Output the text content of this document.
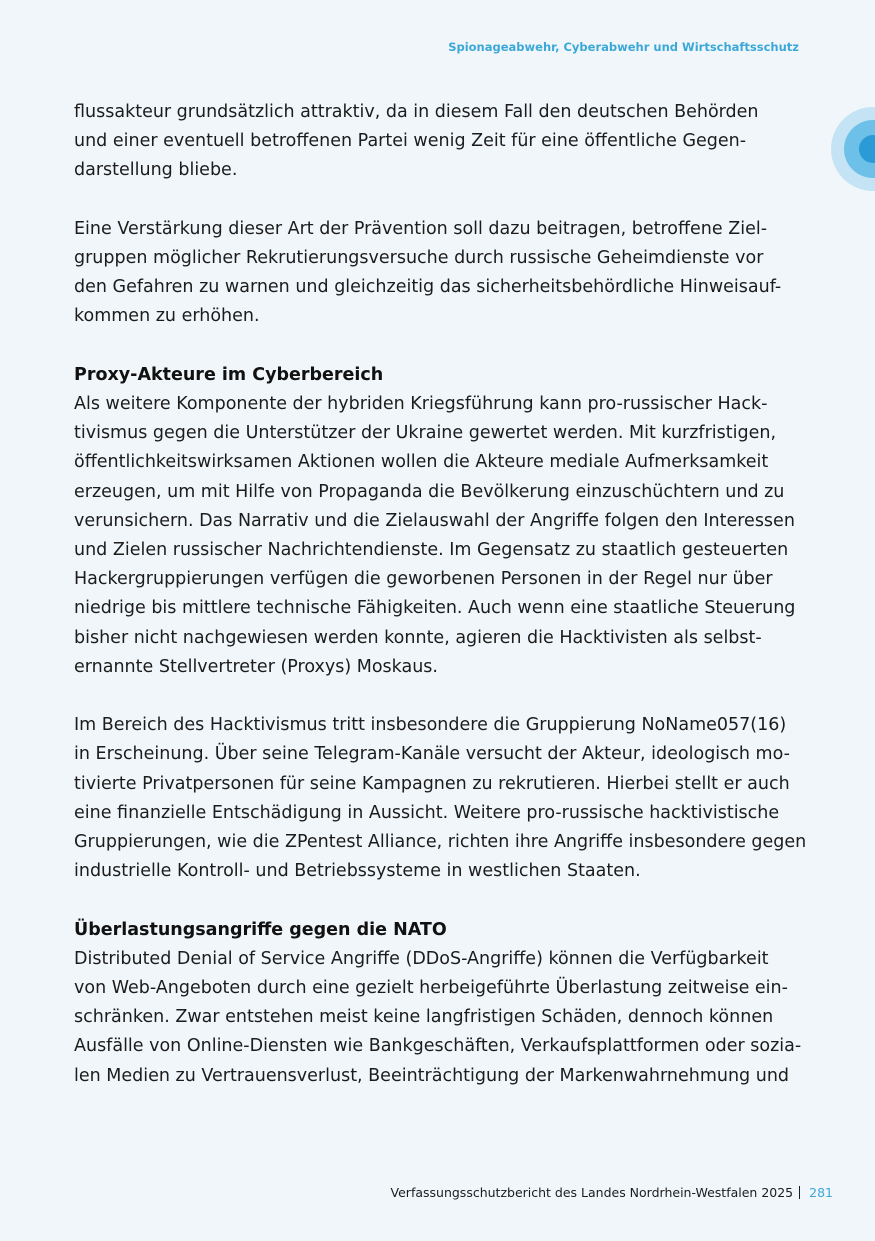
Spionageabwehr, Cyberabwehr und Wirtschaftsschutz

flussakteur grundsätzlich attraktiv, da in diesem Fall den deutschen Behörden
und einer eventuell betroffenen Partei wenig Zeit für eine öffentliche Gegen-
darstellung bliebe.

Eine Verstärkung dieser Art der Prävention soll dazu beitragen, betroffene Ziel-
gruppen möglicher Rekrutierungsversuche durch russische Geheimdienste vor
den Gefahren zu warnen und gleichzeitig das sicherheitsbehördliche Hinweisauf-
kommen zu erhöhen.

Proxy-Akteure im Cyberbereich

Als weitere Komponente der hybriden Kriegsführung kann pro-russischer Hack-
tivismus gegen die Unterstützer der Ukraine gewertet werden. Mit kurzfristigen,
öffentlichkeitswirksamen Aktionen wollen die Akteure mediale Aufmerksamkeit
erzeugen, um mit Hilfe von Propaganda die Bevölkerung einzuschüchtern und zu
verunsichern. Das Narrativ und die Zielauswahl der Angriffe folgen den Interessen
und Zielen russischer Nachrichtendienste. Im Gegensatz zu staatlich gesteuerten
Hackergruppierungen verfügen die geworbenen Personen in der Regel nur über
niedrige bis mittlere technische Fähigkeiten. Auch wenn eine staatliche Steuerung
bisher nicht nachgewiesen werden konnte, agieren die Hacktivisten als selbst-
ernannte Stellvertreter (Proxys) Moskaus.

Im Bereich des Hacktivismus tritt insbesondere die Gruppierung NoName057(16)
in Erscheinung. Über seine Telegram-Kanäle versucht der Akteur, ideologisch mo-
tivierte Privatpersonen für seine Kampagnen zu rekrutieren. Hierbei stellt er auch
eine finanzielle Entschädigung in Aussicht. Weitere pro-russische hacktivistische
Gruppierungen, wie die ZPentest Alliance, richten ihre Angriffe insbesondere gegen
industrielle Kontroll- und Betriebssysteme in westlichen Staaten.

Überlastungsangriffe gegen die NATO

Distributed Denial of Service Angriffe (DDoS-Angriffe) können die Verfügbarkeit
von Web-Angeboten durch eine gezielt herbeigeführte Überlastung zeitweise ein-
schränken. Zwar entstehen meist keine langfristigen Schäden, dennoch können
Ausfälle von Online-Diensten wie Bankgeschäften, Verkaufsplattformen oder sozia-
len Medien zu Vertrauensverlust, Beeinträchtigung der Markenwahrnehmung und

Verfassungsschutzbericht des Landes Nordrhein-Westfalen 2025 281
